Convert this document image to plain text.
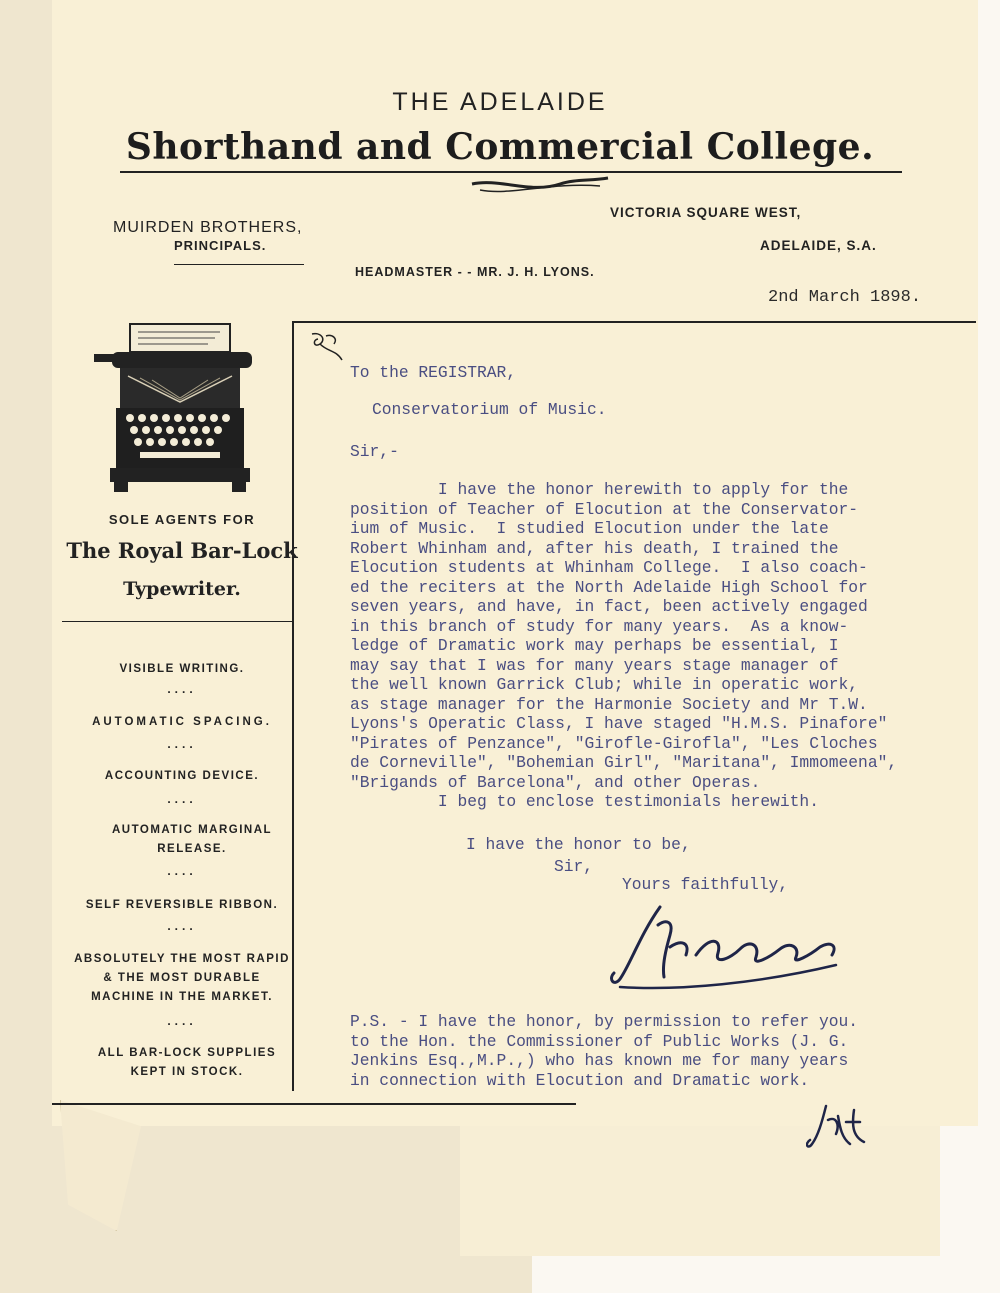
THE ADELAIDE
Shorthand and Commercial College.
MUIRDEN BROTHERS,
PRINCIPALS.
VICTORIA SQUARE WEST,
ADELAIDE, S.A.
HEADMASTER - - MR. J. H. LYONS.
2nd March 1898.
SOLE AGENTS FOR
The Royal Bar-Lock
Typewriter.
VISIBLE WRITING.
....
AUTOMATIC SPACING.
....
ACCOUNTING DEVICE.
....
AUTOMATIC MARGINAL RELEASE.
....
SELF REVERSIBLE RIBBON.
....
ABSOLUTELY THE MOST RAPID & THE MOST DURABLE MACHINE IN THE MARKET.
....
ALL BAR-LOCK SUPPLIES KEPT IN STOCK.
To the REGISTRAR,
Conservatorium of Music.
Sir,-
I have the honor herewith to apply for the
position of Teacher of Elocution at the Conservator-
ium of Music.  I studied Elocution under the late
Robert Whinham and, after his death, I trained the
Elocution students at Whinham College.  I also coach-
ed the reciters at the North Adelaide High School for
seven years, and have, in fact, been actively engaged
in this branch of study for many years.  As a know-
ledge of Dramatic work may perhaps be essential, I
may say that I was for many years stage manager of
the well known Garrick Club; while in operatic work,
as stage manager for the Harmonie Society and Mr T.W.
Lyons's Operatic Class, I have staged "H.M.S. Pinafore"
"Pirates of Penzance", "Girofle-Girofla", "Les Cloches
de Corneville", "Bohemian Girl", "Maritana", Immomeena",
"Brigands of Barcelona", and other Operas.
I beg to enclose testimonials herewith.
I have the honor to be,
Sir,
Yours faithfully,
P.S. - I have the honor, by permission to refer you.
to the Hon. the Commissioner of Public Works (J. G.
Jenkins Esq.,M.P.,) who has known me for many years
in connection with Elocution and Dramatic work.
